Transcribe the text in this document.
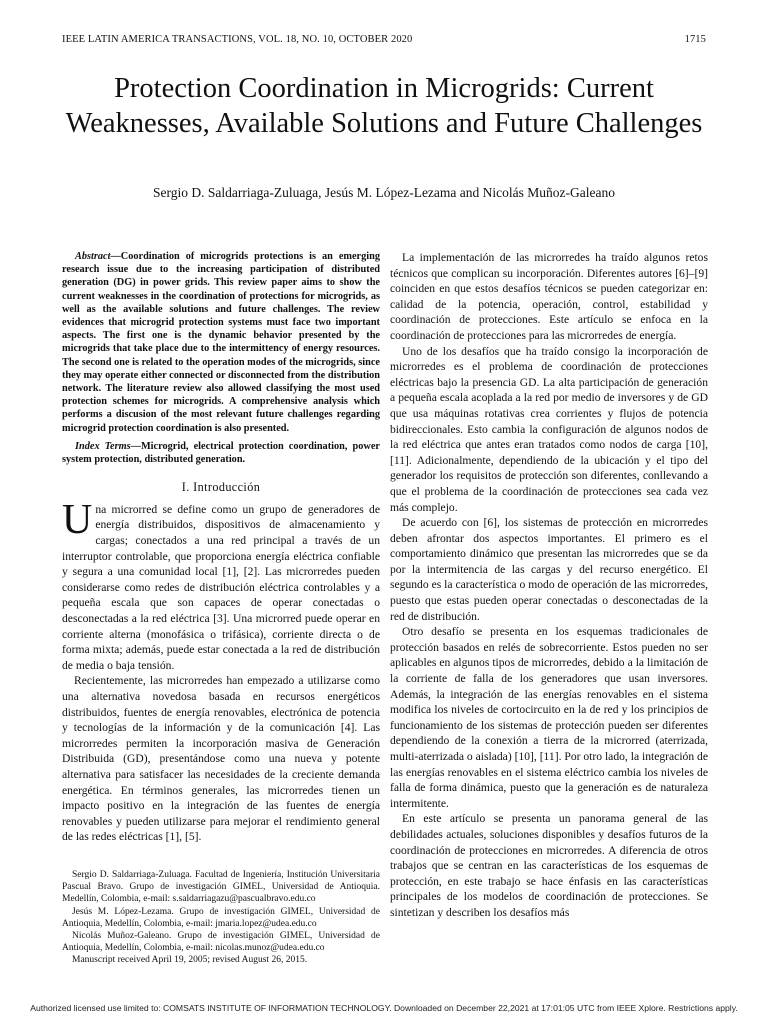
IEEE LATIN AMERICA TRANSACTIONS, VOL. 18, NO. 10, OCTOBER 2020	1715
Protection Coordination in Microgrids: Current Weaknesses, Available Solutions and Future Challenges
Sergio D. Saldarriaga-Zuluaga, Jesús M. López-Lezama and Nicolás Muñoz-Galeano

Abstract—Coordination of microgrids protections is an emerging research issue due to the increasing participation of distributed generation (DG) in power grids. This review paper aims to show the current weaknesses in the coordination of protections for microgrids, as well as the available solutions and future challenges. The review evidences that microgrid protection systems must face two important aspects. The first one is the dynamic behavior presented by the microgrids that take place due to the intermittency of energy resources. The second one is related to the operation modes of the microgrids, since they may operate either connected or disconnected from the distribution network. The literature review also allowed classifying the most used protection schemes for microgrids. A comprehensive analysis which performs a discusion of the most relevant future challenges regarding microgrid protection coordination is also presented.

Index Terms—Microgrid, electrical protection coordination, power system protection, distributed generation.

I. Introducción

Una microrred se define como un grupo de generadores de energía distribuidos, dispositivos de almacenamiento y cargas; conectados a una red principal a través de un interruptor controlable, que proporciona energía eléctrica confiable y segura a una comunidad local [1], [2]. Las microrredes pueden considerarse como redes de distribución eléctrica controlables y a pequeña escala que son capaces de operar conectadas o desconectadas a la red eléctrica [3]. Una microrred puede operar en corriente alterna (monofásica o trifásica), corriente directa o de forma mixta; además, puede estar conectada a la red de distribución de media o baja tensión.

Recientemente, las microrredes han empezado a utilizarse como una alternativa novedosa basada en recursos energéticos distribuidos, fuentes de energía renovables, electrónica de potencia y tecnologías de la información y de la comunicación [4]. Las microrredes permiten la incorporación masiva de Generación Distribuida (GD), presentándose como una nueva y potente alternativa para satisfacer las necesidades de la creciente demanda energética. En términos generales, las microrredes tienen un impacto positivo en la integración de las fuentes de energía renovables y pueden utilizarse para mejorar el rendimiento general de las redes eléctricas [1], [5].

Sergio D. Saldarriaga-Zuluaga. Facultad de Ingeniería, Institución Universitaria Pascual Bravo. Grupo de investigación GIMEL, Universidad de Antioquia. Medellín, Colombia, e-mail: s.saldarriagazu@pascualbravo.edu.co

Jesús M. López-Lezama. Grupo de investigación GIMEL, Universidad de Antioquia, Medellín, Colombia, e-mail: jmaria.lopez@udea.edu.co

Nicolás Muñoz-Galeano. Grupo de investigación GIMEL, Universidad de Antioquia, Medellín, Colombia, e-mail: nicolas.munoz@udea.edu.co

Manuscript received April 19, 2005; revised August 26, 2015.

La implementación de las microrredes ha traído algunos retos técnicos que complican su incorporación. Diferentes autores [6]–[9] coinciden en que estos desafíos técnicos se pueden categorizar en: calidad de la potencia, operación, control, estabilidad y coordinación de protecciones. Este artículo se enfoca en la coordinación de protecciones para las microrredes de energía.

Uno de los desafíos que ha traído consigo la incorporación de microrredes es el problema de coordinación de protecciones eléctricas bajo la presencia GD. La alta participación de generación a pequeña escala acoplada a la red por medio de inversores y de GD que usa máquinas rotativas crea corrientes y flujos de potencia bidireccionales. Esto cambia la configuración de algunos nodos de la red eléctrica que antes eran tratados como nodos de carga [10], [11]. Adicionalmente, dependiendo de la ubicación y el tipo del generador los requisitos de protección son diferentes, conllevando a que el problema de la coordinación de protecciones sea cada vez más complejo.

De acuerdo con [6], los sistemas de protección en microrredes deben afrontar dos aspectos importantes. El primero es el comportamiento dinámico que presentan las microrredes que se da por la intermitencia de las cargas y del recurso energético. El segundo es la característica o modo de operación de las microrredes, puesto que estas pueden operar conectadas o desconectadas de la red de distribución.

Otro desafío se presenta en los esquemas tradicionales de protección basados en relés de sobrecorriente. Estos pueden no ser aplicables en algunos tipos de microrredes, debido a la limitación de la corriente de falla de los generadores que usan inversores. Además, la integración de las energías renovables en el sistema modifica los niveles de cortocircuito en la de red y los principios de funcionamiento de los sistemas de protección pueden ser diferentes dependiendo de la conexión a tierra de la microrred (aterrizada, multi-aterrizada o aislada) [10], [11]. Por otro lado, la integración de las energías renovables en el sistema eléctrico cambia los niveles de falla de forma dinámica, puesto que la generación es de naturaleza intermitente.

En este artículo se presenta un panorama general de las debilidades actuales, soluciones disponibles y desafíos futuros de la coordinación de protecciones en microrredes. A diferencia de otros trabajos que se centran en las características de los esquemas de protección, en este trabajo se hace énfasis en las características principales de los modelos de coordinación de protecciones. Se sintetizan y describen los desafíos más

Authorized licensed use limited to: COMSATS INSTITUTE OF INFORMATION TECHNOLOGY. Downloaded on December 22,2021 at 17:01:05 UTC from IEEE Xplore. Restrictions apply.
